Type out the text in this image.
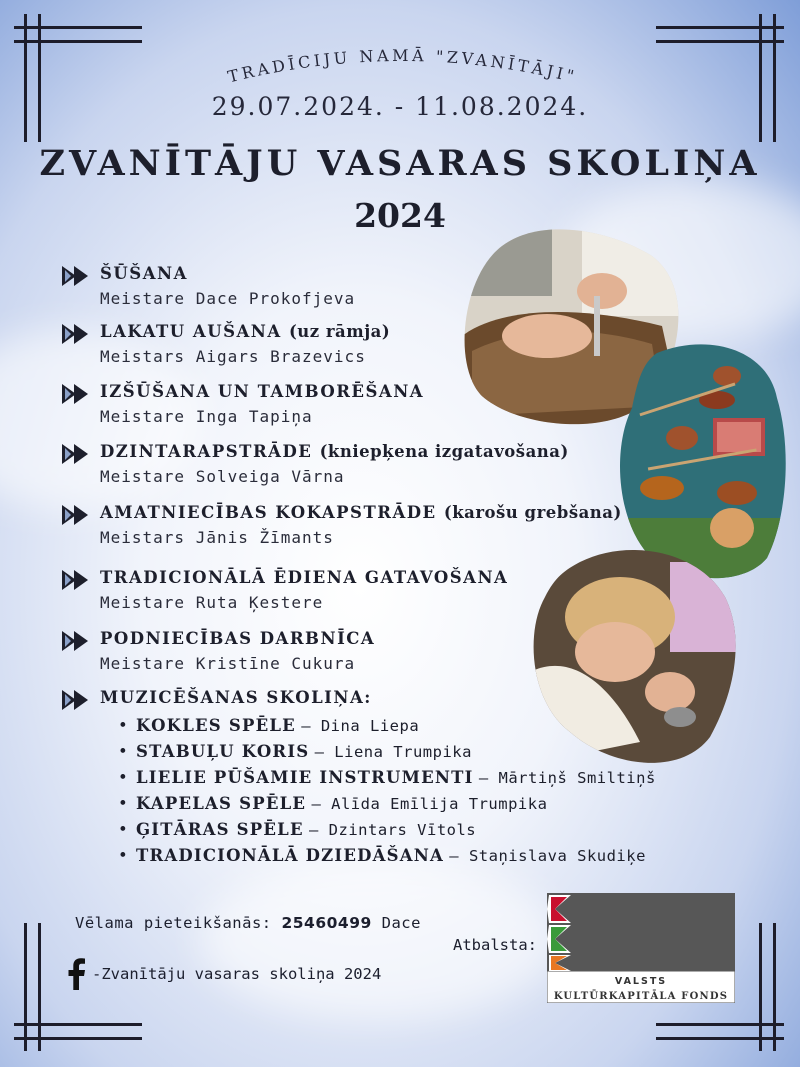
TRADĪCIJU NAMĀ "ZVANĪTĀJI"
29.07.2024. - 11.08.2024.
ZVANĪTĀJU VASARAS SKOLIŅA
2024
ŠŪŠANA
Meistare Dace Prokofjeva
LAKATU AUŠANA (uz rāmja)
Meistars Aigars Brazevics
IZŠŪŠANA UN TAMBORĒŠANA
Meistare Inga Tapiņa
DZINTARAPSTRĀDE (kniepķena izgatavošana)
Meistare Solveiga Vārna
AMATNIECĪBAS KOKAPSTRĀDE (karošu grebšana)
Meistars Jānis Žīmants
TRADICIONĀLĀ ĒDIENA GATAVOŠANA
Meistare Ruta Ķestere
PODNIECĪBAS DARBNĪCA
Meistare Kristīne Cukura
MUZICĒŠANAS SKOLIŅA:
• KOKLES SPĒLE – Dina Liepa
• STABUĻU KORIS – Liena Trumpika
• LIELIE PŪŠAMIE INSTRUMENTI – Mārtiņš Smiltiņš
• KAPELAS SPĒLE – Alīda Emīlija Trumpika
• ĢITĀRAS SPĒLE – Dzintars Vītols
• TRADICIONĀLĀ DZIEDĀŠANA – Staņislava Skudiķe
Vēlama pieteikšanās: 25460499 Dace
-Zvanītāju vasaras skoliņa 2024
Atbalsta:
VALSTS
KULTŪRKAPITĀLA FONDS
